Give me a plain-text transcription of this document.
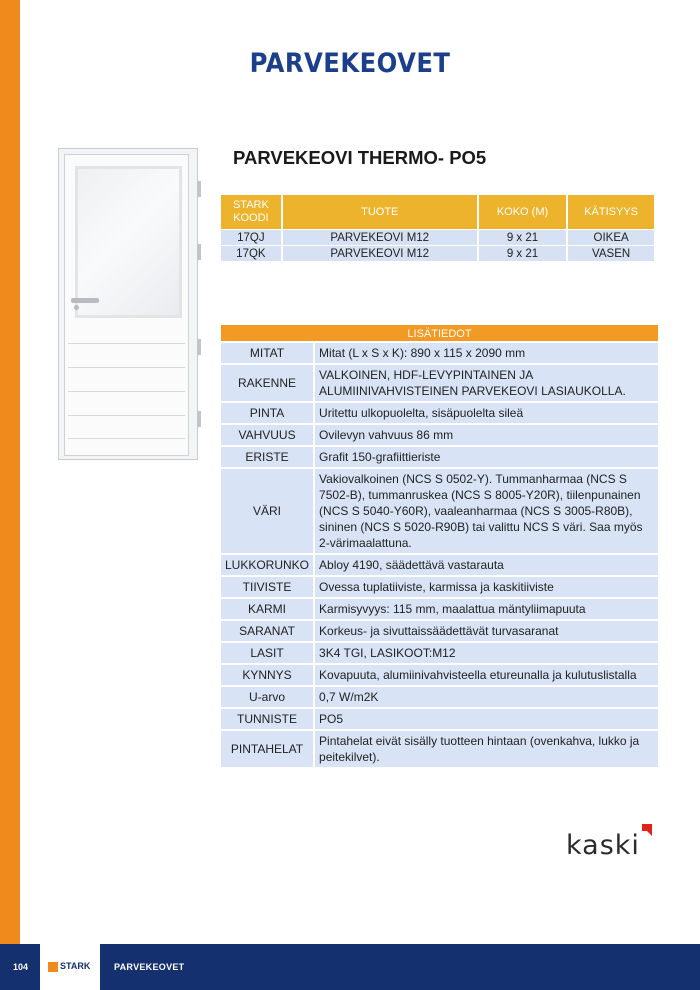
PARVEKEOVET
PARVEKEOVI THERMO- PO5
STARK KOODI	TUOTE	KOKO (M)	KÄTISYYS
17QJ	PARVEKEOVI M12	9 x 21	OIKEA
17QK	PARVEKEOVI M12	9 x 21	VASEN
LISÄTIEDOT
MITAT	Mitat (L x S x K): 890 x 115 x 2090 mm
RAKENNE	VALKOINEN, HDF-LEVYPINTAINEN JA ALUMIINIVAHVISTEINEN PARVEKEOVI LASIAUKOLLA.
PINTA	Uritettu ulkopuolelta, sisäpuolelta sileä
VAHVUUS	Ovilevyn vahvuus 86 mm
ERISTE	Grafit 150-grafiittieriste
VÄRI	Vakiovalkoinen (NCS S 0502-Y). Tummanharmaa (NCS S 7502-B), tummanruskea (NCS S 8005-Y20R), tiilenpunainen (NCS S 5040-Y60R), vaaleanharmaa (NCS S 3005-R80B), sininen (NCS S 5020-R90B) tai valittu NCS S väri. Saa myös 2-värimaalattuna.
LUKKORUNKO	Abloy 4190, säädettävä vastarauta
TIIVISTE	Ovessa tuplatiiviste, karmissa ja kaskitiiviste
KARMI	Karmisyvyys: 115 mm, maalattua mäntyliimapuuta
SARANAT	Korkeus- ja sivuttaissäädettävät turvasaranat
LASIT	3K4 TGI, LASIKOOT:M12
KYNNYS	Kovapuuta, alumiinivahvisteella etureunalla ja kulutuslistalla
U-arvo	0,7 W/m2K
TUNNISTE	PO5
PINTAHELAT	Pintahelat eivät sisälly tuotteen hintaan (ovenkahva, lukko ja peitekilvet).
kaski
104	PARVEKEOVET
STARK
